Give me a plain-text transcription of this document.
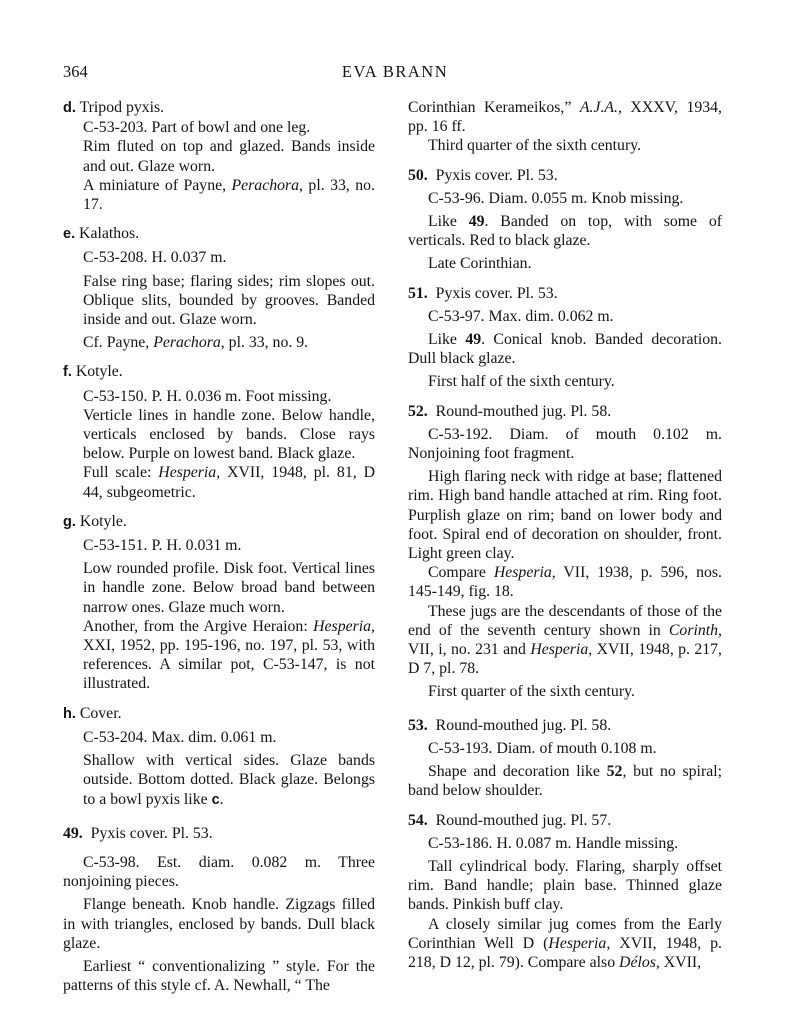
364	EVA BRANN

d. Tripod pyxis.

C-53-203. Part of bowl and one leg.

Rim fluted on top and glazed. Bands inside and out. Glaze worn.

A miniature of Payne, Perachora, pl. 33, no. 17.

e. Kalathos.

C-53-208. H. 0.037 m.

False ring base; flaring sides; rim slopes out. Oblique slits, bounded by grooves. Banded inside and out. Glaze worn.

Cf. Payne, Perachora, pl. 33, no. 9.

f. Kotyle.

C-53-150. P. H. 0.036 m. Foot missing.

Verticle lines in handle zone. Below handle, verticals enclosed by bands. Close rays below. Purple on lowest band. Black glaze.

Full scale: Hesperia, XVII, 1948, pl. 81, D 44, subgeometric.

g. Kotyle.

C-53-151. P. H. 0.031 m.

Low rounded profile. Disk foot. Vertical lines in handle zone. Below broad band between narrow ones. Glaze much worn.

Another, from the Argive Heraion: Hesperia, XXI, 1952, pp. 195-196, no. 197, pl. 53, with references. A similar pot, C-53-147, is not illustrated.

h. Cover.

C-53-204. Max. dim. 0.061 m.

Shallow with vertical sides. Glaze bands outside. Bottom dotted. Black glaze. Belongs to a bowl pyxis like c.

49. Pyxis cover. Pl. 53.

C-53-98. Est. diam. 0.082 m. Three nonjoining pieces.

Flange beneath. Knob handle. Zigzags filled in with triangles, enclosed by bands. Dull black glaze.

Earliest “ conventionalizing ” style. For the patterns of this style cf. A. Newhall, “ The

Corinthian Kerameikos,” A.J.A., XXXV, 1934, pp. 16 ff.

Third quarter of the sixth century.

50. Pyxis cover. Pl. 53.

C-53-96. Diam. 0.055 m. Knob missing.

Like 49. Banded on top, with some of verticals. Red to black glaze.

Late Corinthian.

51. Pyxis cover. Pl. 53.

C-53-97. Max. dim. 0.062 m.

Like 49. Conical knob. Banded decoration. Dull black glaze.

First half of the sixth century.

52. Round-mouthed jug. Pl. 58.

C-53-192. Diam. of mouth 0.102 m. Nonjoining foot fragment.

High flaring neck with ridge at base; flattened rim. High band handle attached at rim. Ring foot. Purplish glaze on rim; band on lower body and foot. Spiral end of decoration on shoulder, front. Light green clay.

Compare Hesperia, VII, 1938, p. 596, nos. 145-149, fig. 18.

These jugs are the descendants of those of the end of the seventh century shown in Corinth, VII, i, no. 231 and Hesperia, XVII, 1948, p. 217, D 7, pl. 78.

First quarter of the sixth century.

53. Round-mouthed jug. Pl. 58.

C-53-193. Diam. of mouth 0.108 m.

Shape and decoration like 52, but no spiral; band below shoulder.

54. Round-mouthed jug. Pl. 57.

C-53-186. H. 0.087 m. Handle missing.

Tall cylindrical body. Flaring, sharply offset rim. Band handle; plain base. Thinned glaze bands. Pinkish buff clay.

A closely similar jug comes from the Early Corinthian Well D (Hesperia, XVII, 1948, p. 218, D 12, pl. 79). Compare also Délos, XVII,
